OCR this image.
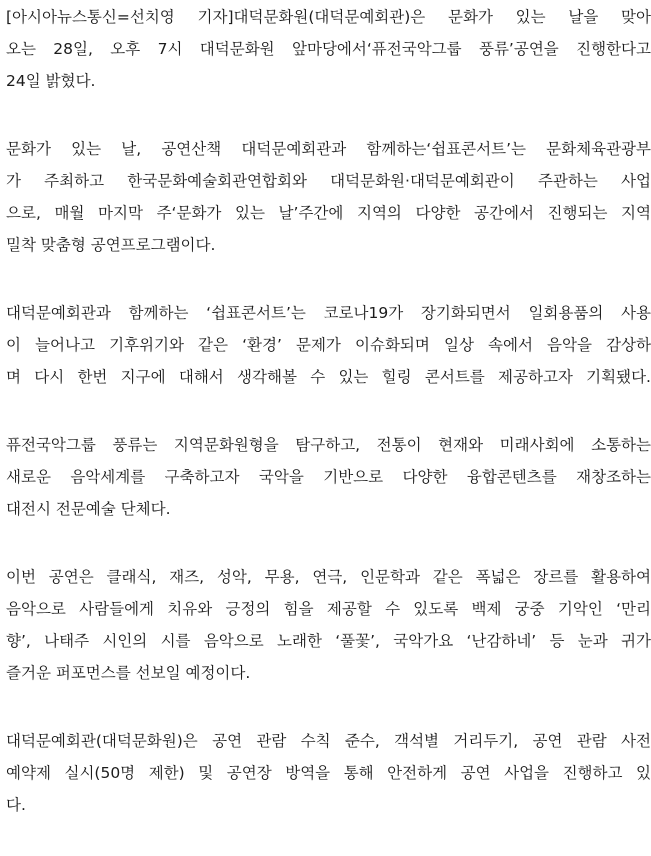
[아시아뉴스통신=선치영 기자]대덕문화원(대덕문예회관)은 문화가 있는 날을 맞아
오는 28일, 오후 7시 대덕문화원 앞마당에서‘퓨전국악그룹 풍류’공연을 진행한다고
24일 밝혔다.
문화가 있는 날, 공연산책 대덕문예회관과 함께하는‘쉽표콘서트’는 문화체육관광부
가 주최하고 한국문화예술회관연합회와 대덕문화원·대덕문예회관이 주관하는 사업
으로, 매월 마지막 주‘문화가 있는 날’주간에 지역의 다양한 공간에서 진행되는 지역
밀착 맞춤형 공연프로그램이다.
대덕문예회관과 함께하는 ‘쉽표콘서트’는 코로나19가 장기화되면서 일회용품의 사용
이 늘어나고 기후위기와 같은 ‘환경’ 문제가 이슈화되며 일상 속에서 음악을 감상하
며 다시 한번 지구에 대해서 생각해볼 수 있는 힐링 콘서트를 제공하고자 기획됐다.
퓨전국악그룹 풍류는 지역문화원형을 탐구하고, 전통이 현재와 미래사회에 소통하는
새로운 음악세계를 구축하고자 국악을 기반으로 다양한 융합콘텐츠를 재창조하는
대전시 전문예술 단체다.
이번 공연은 클래식, 재즈, 성악, 무용, 연극, 인문학과 같은 폭넓은 장르를 활용하여
음악으로 사람들에게 치유와 긍정의 힘을 제공할 수 있도록 백제 궁중 기악인 ‘만리
향’, 나태주 시인의 시를 음악으로 노래한 ‘풀꽃’, 국악가요 ‘난감하네’ 등 눈과 귀가
즐거운 퍼포먼스를 선보일 예정이다.
대덕문예회관(대덕문화원)은 공연 관람 수칙 준수, 객석별 거리두기, 공연 관람 사전
예약제 실시(50명 제한) 및 공연장 방역을 통해 안전하게 공연 사업을 진행하고 있
다.
